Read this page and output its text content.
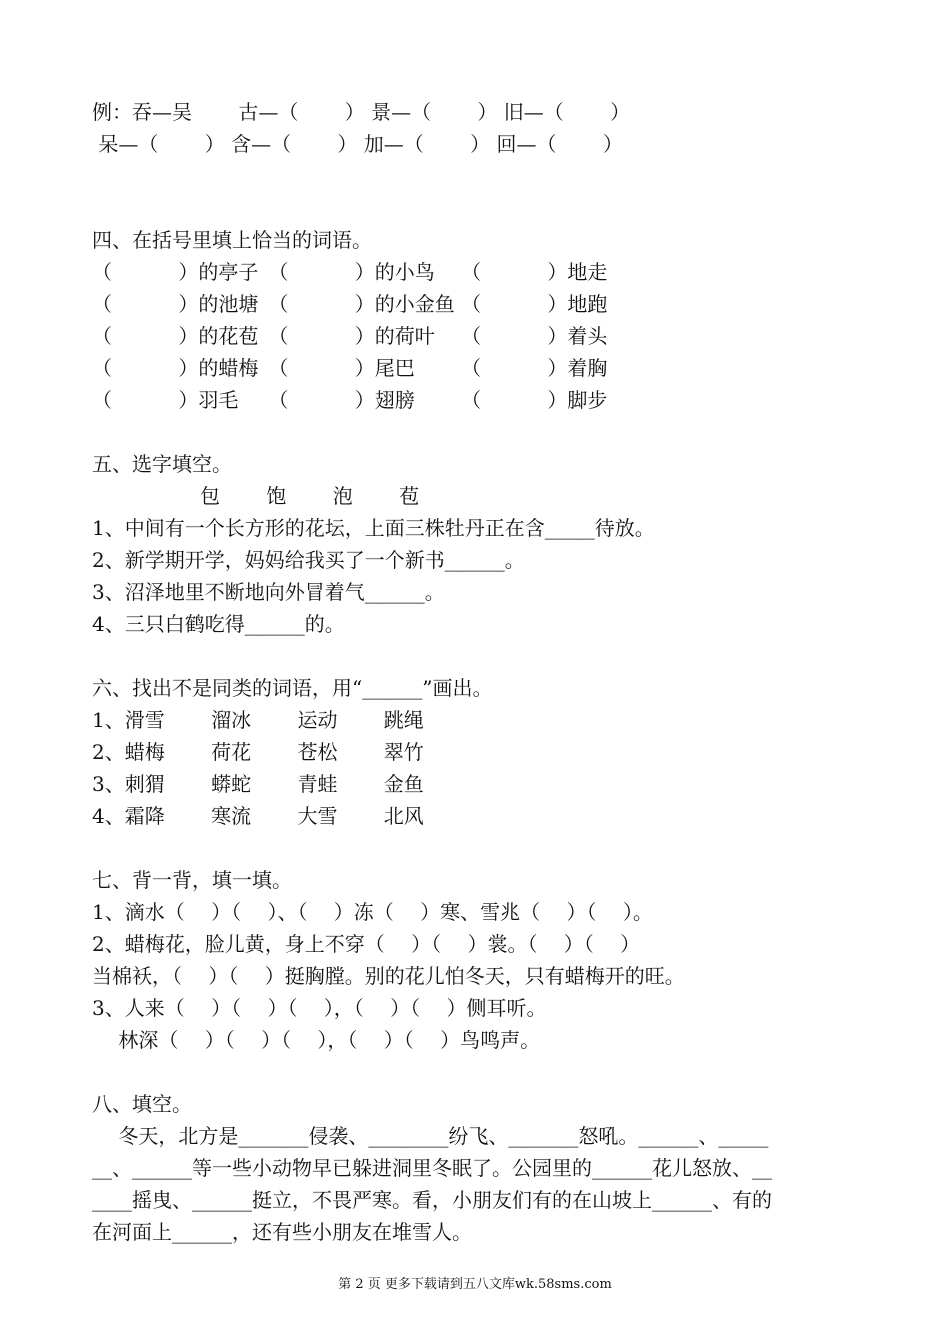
例：吞—吴　　 古—（　　 ） 景—（　　 ） 旧—（　　 ）
呆—（　　 ） 含—（　　 ） 加—（　　 ） 回—（　　 ）
四、在括号里填上恰当的词语。
（　　　 ）的亭子　（　　　 ）的小鸟　 （　　　 ）地走
（　　　 ）的池塘　（　　　 ）的小金鱼 （　　　 ）地跑
（　　　 ）的花苞　（　　　 ）的荷叶　 （　　　 ）着头
（　　　 ）的蜡梅　（　　　 ）尾巴　　 （　　　 ）着胸
（　　　 ）羽毛　　（　　　 ）翅膀　　 （　　　 ）脚步
五、选字填空。
　　　包　　 饱　　 泡　　 苞
1、中间有一个长方形的花坛，上面三株牡丹正在含_____待放。
2、新学期开学，妈妈给我买了一个新书______。
3、沼泽地里不断地向外冒着气______。
4、三只白鹤吃得______的。
六、找出不是同类的词语，用“______”画出。
1、滑雪　　 溜冰　　 运动　　 跳绳
2、蜡梅　　 荷花　　 苍松　　 翠竹
3、刺猬　　 蟒蛇　　 青蛙　　 金鱼
4、霜降　　 寒流　　 大雪　　 北风
七、背一背，填一填。
1、滴水（　 ）（　 ）、（　 ）冻（　 ）寒、雪兆（　 ）（　 ）。
2、蜡梅花，脸儿黄，身上不穿（　 ）（　 ）裳。（　 ）（　 ）
当棉袄，（　 ）（　 ）挺胸膛。别的花儿怕冬天，只有蜡梅开的旺。
3、人来（　 ）（　 ）（　 ），（　 ）（　 ）侧耳听。
　 林深（　 ）（　 ）（　 ），（　 ）（　 ）鸟鸣声。
八、填空。
　 冬天，北方是_______侵袭、________纷飞、_______怒吼。______、_____
__、______等一些小动物早已躲进洞里冬眠了。公园里的______花儿怒放、__
____摇曳、______挺立，不畏严寒。看，小朋友们有的在山坡上______、有的
在河面上______，还有些小朋友在堆雪人。
第 2 页 更多下载请到五八文库wk.58sms.com
